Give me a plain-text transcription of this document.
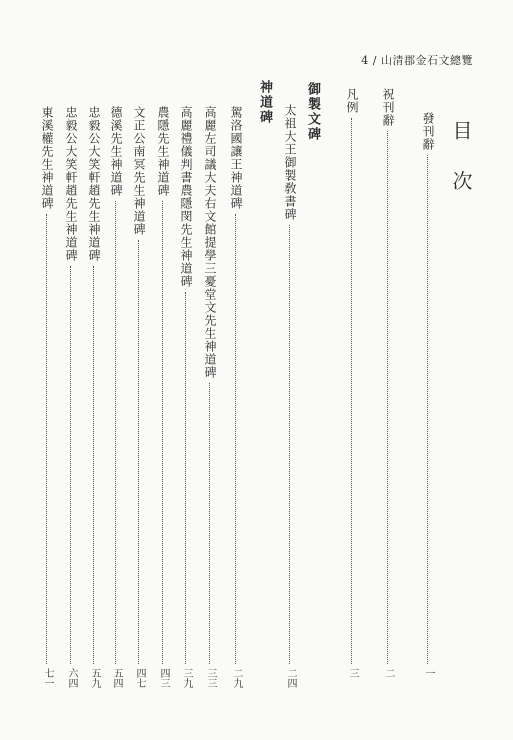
4 / 山清郡金石文總覽
目 次
發刊辭
一
祝刊辭
二
凡例
三
御製文碑
太祖大王御製敎書碑
二四
神道碑
駕洛國讓王神道碑
二九
高麗左司議大夫右文館提學三憂堂文先生神道碑
三三
高麗禮儀判書農隱閔先生神道碑
三九
農隱先生神道碑
四三
文正公南冥先生神道碑
四七
德溪先生神道碑
五四
忠毅公大笑軒趙先生神道碑
五九
忠毅公大笑軒趙先生神道碑
六四
東溪權先生神道碑
七一
